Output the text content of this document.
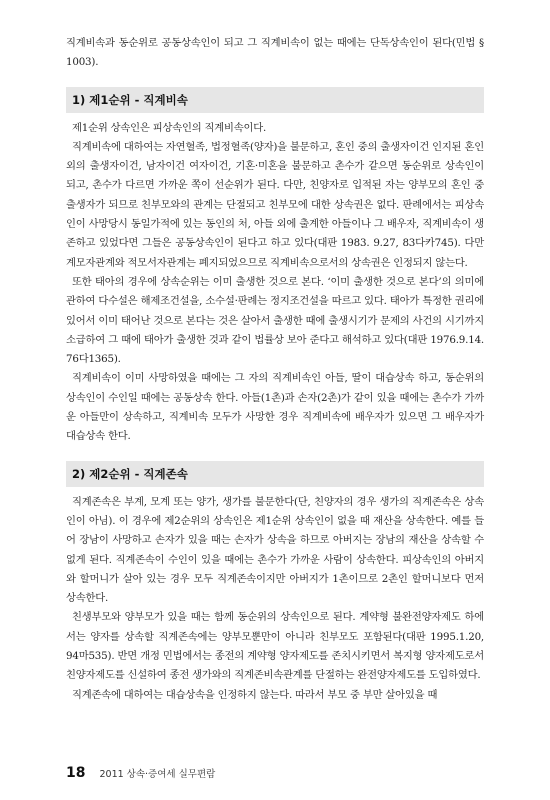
직계비속과 동순위로 공동상속인이 되고 그 직계비속이 없는 때에는 단독상속인이 된다(민법 § 1003).

1) 제1순위 - 직계비속

제1순위 상속인은 피상속인의 직계비속이다.

직계비속에 대하여는 자연혈족, 법정혈족(양자)을 불문하고, 혼인 중의 출생자이건 인지된 혼인 외의 출생자이건, 남자이건 여자이건, 기혼·미혼을 불문하고 촌수가 같으면 동순위로 상속인이 되고, 촌수가 다르면 가까운 쪽이 선순위가 된다. 다만, 친양자로 입적된 자는 양부모의 혼인 중 출생자가 되므로 친부모와의 관계는 단절되고 친부모에 대한 상속권은 없다. 판례에서는 피상속인이 사망당시 동일가적에 있는 동인의 처, 아들 외에 출계한 아들이나 그 배우자, 직계비속이 생존하고 있었다면 그들은 공동상속인이 된다고 하고 있다(대판 1983. 9.27, 83다카745). 다만 계모자관계와 적모서자관계는 폐지되었으므로 직계비속으로서의 상속권은 인정되지 않는다.

또한 태아의 경우에 상속순위는 이미 출생한 것으로 본다. ‘이미 출생한 것으로 본다’의 의미에 관하여 다수설은 해제조건설을, 소수설·판례는 정지조건설을 따르고 있다. 태아가 특정한 권리에 있어서 이미 태어난 것으로 본다는 것은 살아서 출생한 때에 출생시기가 문제의 사건의 시기까지 소급하여 그 때에 태아가 출생한 것과 같이 법률상 보아 준다고 해석하고 있다(대판 1976.9.14. 76다1365).

직계비속이 이미 사망하였을 때에는 그 자의 직계비속인 아들, 딸이 대습상속 하고, 동순위의 상속인이 수인일 때에는 공동상속 한다. 아들(1촌)과 손자(2촌)가 같이 있을 때에는 촌수가 가까운 아들만이 상속하고, 직계비속 모두가 사망한 경우 직계비속에 배우자가 있으면 그 배우자가 대습상속 한다.

2) 제2순위 - 직계존속

직계존속은 부계, 모계 또는 양가, 생가를 불문한다(단, 친양자의 경우 생가의 직계존속은 상속인이 아님). 이 경우에 제2순위의 상속인은 제1순위 상속인이 없을 때 재산을 상속한다. 예를 들어 장남이 사망하고 손자가 있을 때는 손자가 상속을 하므로 아버지는 장남의 재산을 상속할 수 없게 된다. 직계존속이 수인이 있을 때에는 촌수가 가까운 사람이 상속한다. 피상속인의 아버지와 할머니가 살아 있는 경우 모두 직계존속이지만 아버지가 1촌이므로 2촌인 할머니보다 먼저 상속한다.

친생부모와 양부모가 있을 때는 함께 동순위의 상속인으로 된다. 계약형 불완전양자제도 하에서는 양자를 상속할 직계존속에는 양부모뿐만이 아니라 친부모도 포함된다(대판 1995.1.20, 94마535). 반면 개정 민법에서는 종전의 계약형 양자제도를 존치시키면서 복지형 양자제도로서 친양자제도를 신설하여 종전 생가와의 직계존비속관계를 단절하는 완전양자제도를 도입하였다.

직계존속에 대하여는 대습상속을 인정하지 않는다. 따라서 부모 중 부만 살아있을 때

18 2011 상속·증여세 실무편람
